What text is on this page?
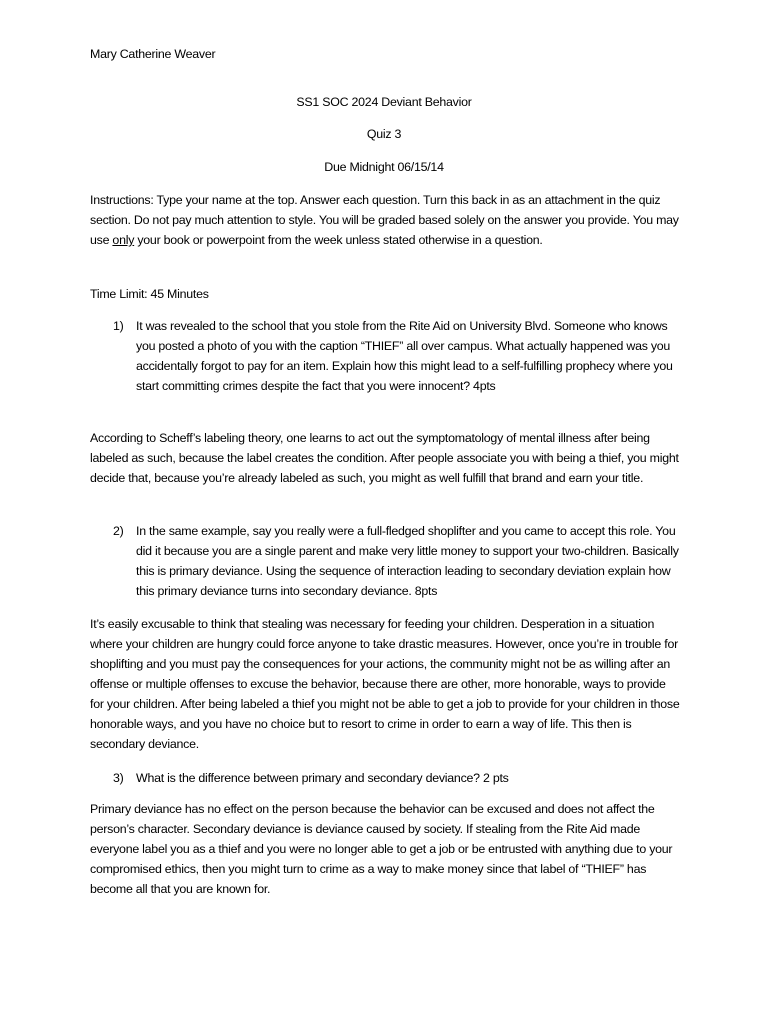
Mary Catherine Weaver

SS1 SOC 2024 Deviant Behavior

Quiz 3

Due Midnight 06/15/14

Instructions: Type your name at the top. Answer each question. Turn this back in as an attachment in the quiz section. Do not pay much attention to style. You will be graded based solely on the answer you provide. You may use only your book or powerpoint from the week unless stated otherwise in a question.

Time Limit: 45 Minutes

1) It was revealed to the school that you stole from the Rite Aid on University Blvd. Someone who knows you posted a photo of you with the caption “THIEF” all over campus. What actually happened was you accidentally forgot to pay for an item. Explain how this might lead to a self-fulfilling prophecy where you start committing crimes despite the fact that you were innocent? 4pts

According to Scheff’s labeling theory, one learns to act out the symptomatology of mental illness after being labeled as such, because the label creates the condition. After people associate you with being a thief, you might decide that, because you’re already labeled as such, you might as well fulfill that brand and earn your title.

2) In the same example, say you really were a full-fledged shoplifter and you came to accept this role. You did it because you are a single parent and make very little money to support your two-children. Basically this is primary deviance. Using the sequence of interaction leading to secondary deviation explain how this primary deviance turns into secondary deviance. 8pts

It’s easily excusable to think that stealing was necessary for feeding your children. Desperation in a situation where your children are hungry could force anyone to take drastic measures. However, once you’re in trouble for shoplifting and you must pay the consequences for your actions, the community might not be as willing after an offense or multiple offenses to excuse the behavior, because there are other, more honorable, ways to provide for your children. After being labeled a thief you might not be able to get a job to provide for your children in those honorable ways, and you have no choice but to resort to crime in order to earn a way of life. This then is secondary deviance.

3) What is the difference between primary and secondary deviance? 2 pts

Primary deviance has no effect on the person because the behavior can be excused and does not affect the person’s character. Secondary deviance is deviance caused by society. If stealing from the Rite Aid made everyone label you as a thief and you were no longer able to get a job or be entrusted with anything due to your compromised ethics, then you might turn to crime as a way to make money since that label of “THIEF” has become all that you are known for.
